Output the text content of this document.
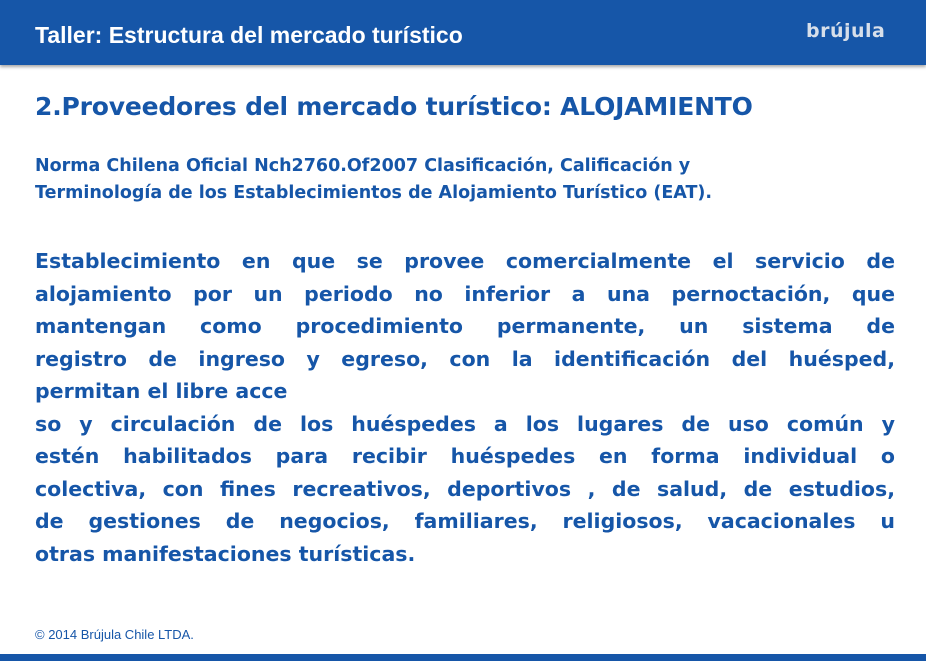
Taller: Estructura del mercado turístico	brújula
2.Proveedores del mercado turístico: ALOJAMIENTO
Norma Chilena Oficial Nch2760.Of2007 Clasificación, Calificación y
Terminología de los Establecimientos de Alojamiento Turístico (EAT).
Establecimiento en que se provee comercialmente el servicio de
alojamiento por un periodo no inferior a una pernoctación, que
mantengan como procedimiento permanente, un sistema de
registro de ingreso y egreso, con la identificación del huésped,
permitan el libre acce
so y circulación de los huéspedes a los lugares de uso común y
estén habilitados para recibir huéspedes en forma individual o
colectiva, con fines recreativos, deportivos , de salud, de estudios,
de gestiones de negocios, familiares, religiosos, vacacionales u
otras manifestaciones turísticas.
© 2014 Brújula Chile LTDA.
